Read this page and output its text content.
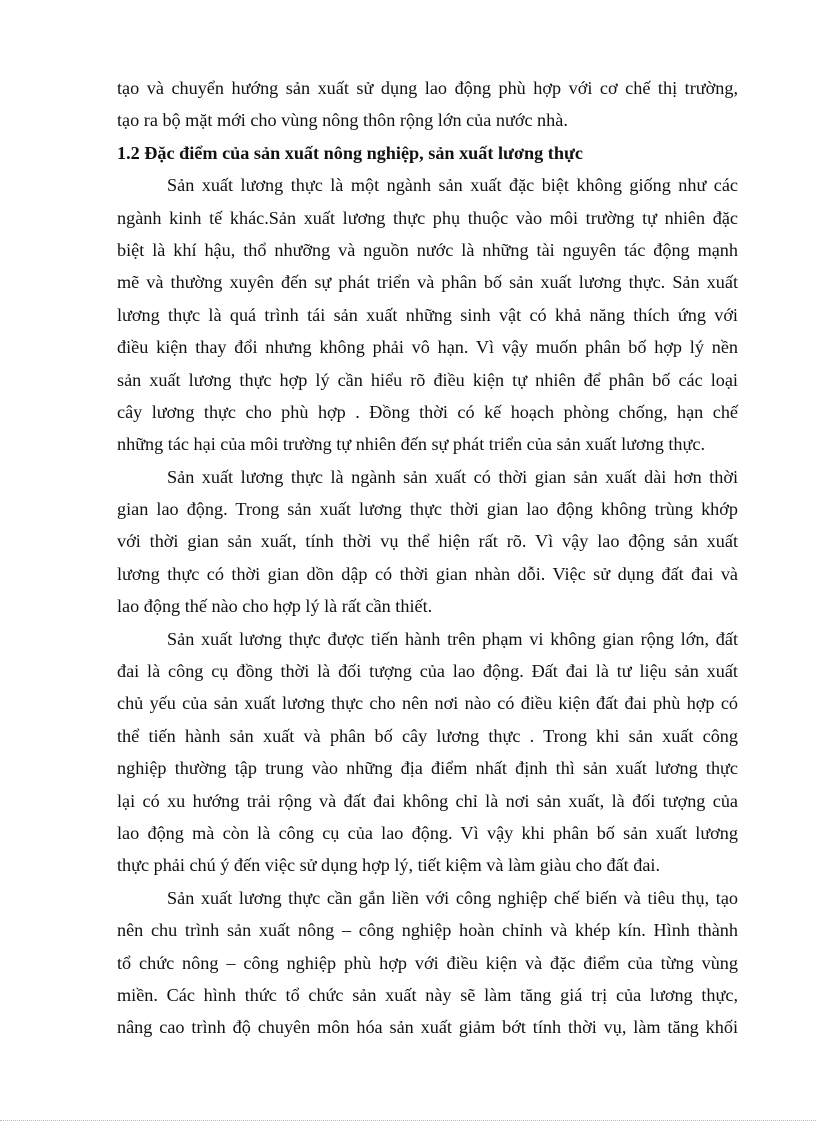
tạo và chuyển hướng sản xuất sử dụng lao động phù hợp với cơ chế thị trường,
tạo ra bộ mặt mới cho vùng nông thôn rộng lớn của nước nhà.
1.2 Đặc điểm của sản xuất nông nghiệp, sản xuất lương thực
Sản xuất lương thực là một ngành sản xuất đặc biệt không giống như các
ngành kinh tế khác.Sản xuất lương thực phụ thuộc vào môi trường tự nhiên đặc
biệt là khí hậu, thổ nhưỡng và nguồn nước là những tài nguyên tác động mạnh
mẽ và thường xuyên đến sự phát triển và phân bố sản xuất lương thực. Sản xuất
lương thực là quá trình tái sản xuất những sinh vật có khả năng thích ứng với
điều kiện thay đổi nhưng không phải vô hạn. Vì vậy muốn phân bố hợp lý nền
sản xuất lương thực hợp lý cần hiểu rõ điều kiện tự nhiên để phân bố các loại
cây lương thực cho phù hợp . Đồng thời có kế hoạch phòng chống, hạn chế
những tác hại của môi trường tự nhiên đến sự phát triển của sản xuất lương thực.
Sản xuất lương thực là ngành sản xuất có thời gian sản xuất dài hơn thời
gian lao động. Trong sản xuất lương thực thời gian lao động không trùng khớp
với thời gian sản xuất, tính thời vụ thể hiện rất rõ. Vì vậy lao động sản xuất
lương thực có thời gian dồn dập có thời gian nhàn dỗi. Việc sử dụng đất đai và
lao động thế nào cho hợp lý là rất cần thiết.
Sản xuất lương thực được tiến hành trên phạm vi không gian rộng lớn, đất
đai là công cụ đồng thời là đối tượng của lao động. Đất đai là tư liệu sản xuất
chủ yếu của sản xuất lương thực cho nên nơi nào có điều kiện đất đai phù hợp có
thể tiến hành sản xuất và phân bố cây lương thực . Trong khi sản xuất công
nghiệp thường tập trung vào những địa điểm nhất định thì sản xuất lương thực
lại có xu hướng trải rộng và đất đai không chỉ là nơi sản xuất, là đối tượng của
lao động mà còn là công cụ của lao động. Vì vậy khi phân bố sản xuất lương
thực phải chú ý đến việc sử dụng hợp lý, tiết kiệm và làm giàu cho đất đai.
Sản xuất lương thực cần gắn liền với công nghiệp chế biến và tiêu thụ, tạo
nên chu trình sản xuất nông – công nghiệp hoàn chỉnh và khép kín. Hình thành
tổ chức nông – công nghiệp phù hợp với điều kiện và đặc điểm của từng vùng
miền. Các hình thức tổ chức sản xuất này sẽ làm tăng giá trị của lương thực,
nâng cao trình độ chuyên môn hóa sản xuất giảm bớt tính thời vụ, làm tăng khối
